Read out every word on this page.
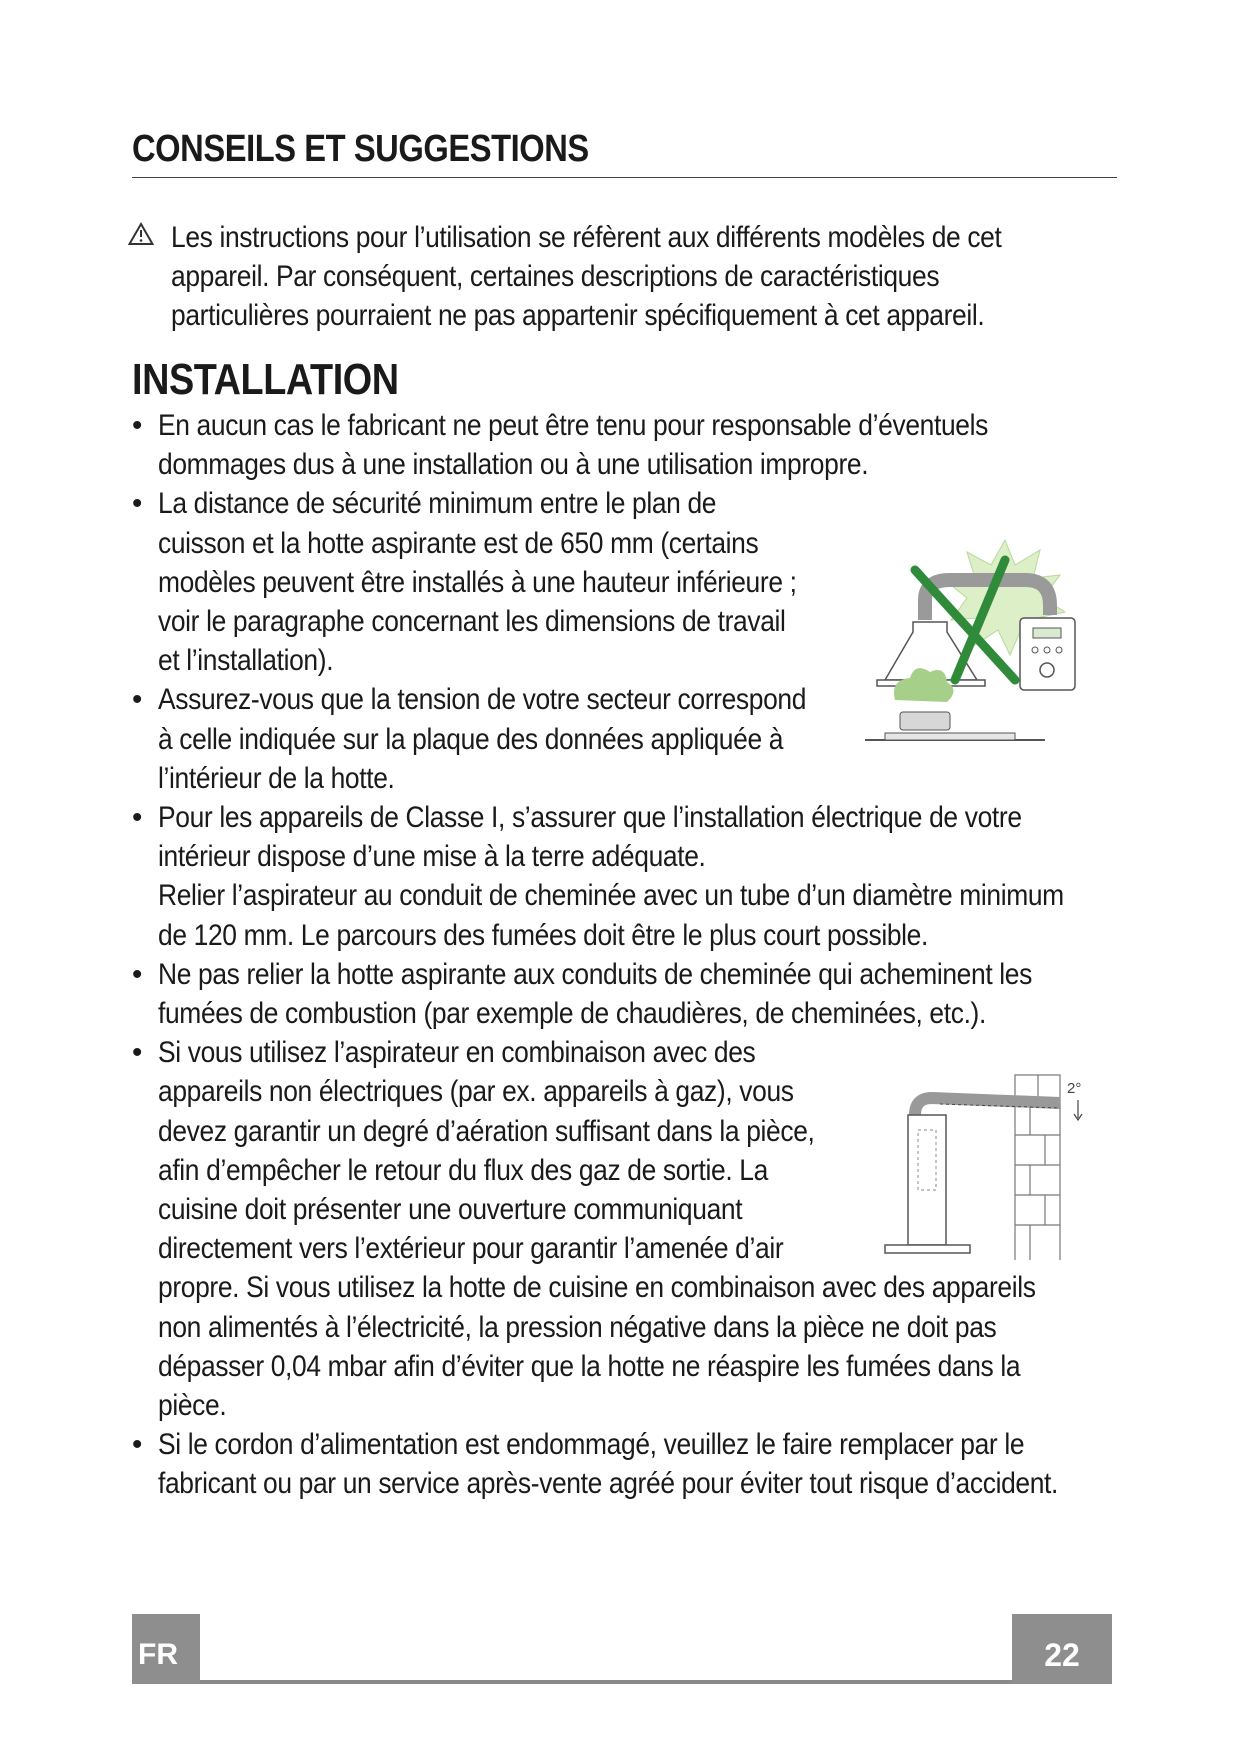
CONSEILS ET SUGGESTIONS
Les instructions pour l’utilisation se réfèrent aux différents modèles de cet
appareil. Par conséquent, certaines descriptions de caractéristiques
particulières pourraient ne pas appartenir spécifiquement à cet appareil.
INSTALLATION
• En aucun cas le fabricant ne peut être tenu pour responsable d’éventuels
dommages dus à une installation ou à une utilisation impropre.
• La distance de sécurité minimum entre le plan de
cuisson et la hotte aspirante est de 650 mm (certains
modèles peuvent être installés à une hauteur inférieure ;
voir le paragraphe concernant les dimensions de travail
et l’installation).
• Assurez-vous que la tension de votre secteur correspond
à celle indiquée sur la plaque des données appliquée à
l’intérieur de la hotte.
• Pour les appareils de Classe I, s’assurer que l’installation électrique de votre
intérieur dispose d’une mise à la terre adéquate.
Relier l’aspirateur au conduit de cheminée avec un tube d’un diamètre minimum
de 120 mm. Le parcours des fumées doit être le plus court possible.
• Ne pas relier la hotte aspirante aux conduits de cheminée qui acheminent les
fumées de combustion (par exemple de chaudières, de cheminées, etc.).
• Si vous utilisez l’aspirateur en combinaison avec des
appareils non électriques (par ex. appareils à gaz), vous
devez garantir un degré d’aération suffisant dans la pièce,
afin d’empêcher le retour du flux des gaz de sortie. La
cuisine doit présenter une ouverture communiquant
directement vers l’extérieur pour garantir l’amenée d’air
propre. Si vous utilisez la hotte de cuisine en combinaison avec des appareils
non alimentés à l’électricité, la pression négative dans la pièce ne doit pas
dépasser 0,04 mbar afin d’éviter que la hotte ne réaspire les fumées dans la
pièce.
• Si le cordon d’alimentation est endommagé, veuillez le faire remplacer par le
fabricant ou par un service après-vente agréé pour éviter tout risque d’accident.
2°
FR	22
